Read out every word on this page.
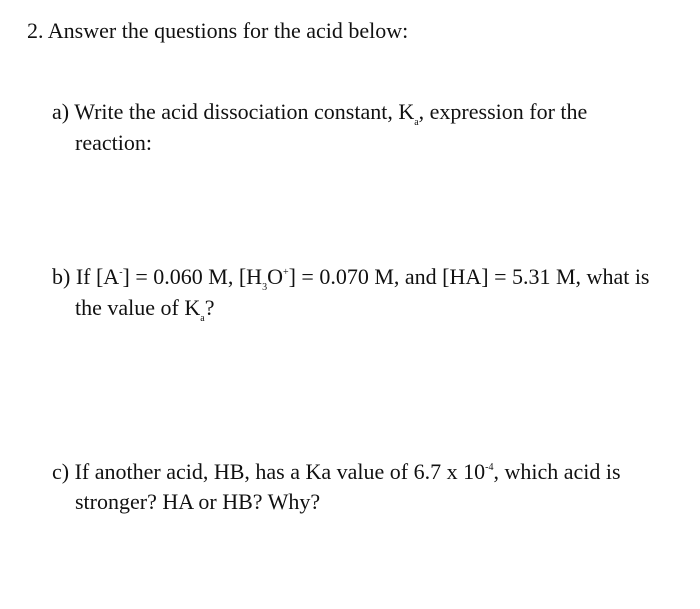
2. Answer the questions for the acid below:
a) Write the acid dissociation constant, $K_a$, expression for the
reaction:
b) If [A-] = 0.060 M, $[H_3O^+] = 0.070$ M, and [HA] = 5.31 M, what is
the value of $K_a$?
c) If another acid, HB, has a Ka value of 6.7 x $10^{-4}$, which acid is
stronger? HA or HB? Why?
